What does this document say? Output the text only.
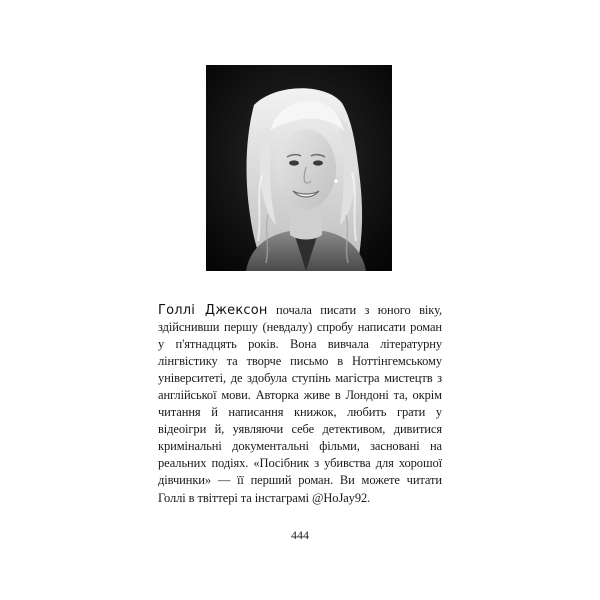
Голлі Джексон почала писати з юного віку, здійснивши першу (невдалу) спробу написати роман у п'ятнадцять років. Вона вивчала літературну лінгвістику та творче письмо в Ноттінгемському університеті, де здобула ступінь магістра мистецтв з англійської мови. Авторка живе в Лондоні та, окрім читання й написання книжок, любить грати у відеоігри й, уявляючи себе детективом, дивитися кримінальні документальні фільми, засновані на реальних подіях. «Посібник з убивства для хорошої дівчинки» — її перший роман. Ви можете читати Голлі в твіттері та інстаграмі @HoJay92.

444
